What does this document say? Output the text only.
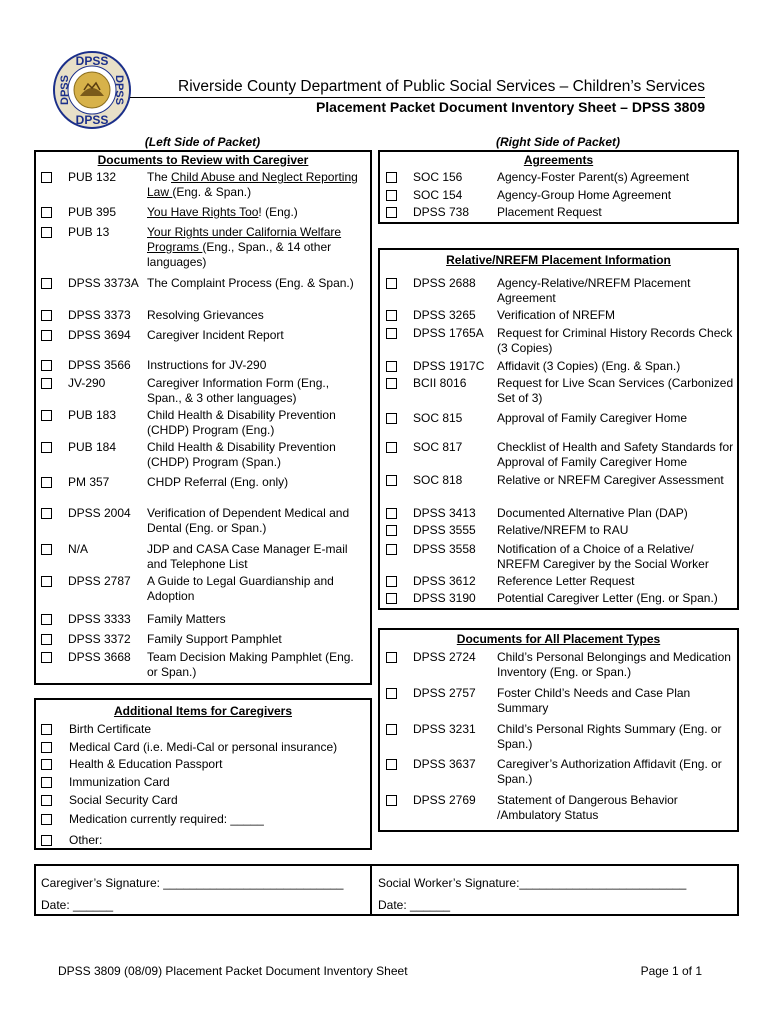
DPSS
DPSS
DPSS	DPSS	Riverside County Department of Public Social Services – Children’s Services
Placement Packet Document Inventory Sheet – DPSS 3809
(Left Side of Packet)	(Right Side of Packet)
Documents to Review with Caregiver
PUB 132	The Child Abuse and Neglect Reporting Law (Eng. & Span.)
PUB 395	You Have Rights Too! (Eng.)
PUB 13	Your Rights under California Welfare Programs (Eng., Span., & 14 other languages)
DPSS 3373A The Complaint Process (Eng. & Span.)
DPSS 3373 Resolving Grievances
DPSS 3694 Caregiver Incident Report
DPSS 3566 Instructions for JV-290
JV-290	Caregiver Information Form (Eng., Span., & 3 other languages)
PUB 183	Child Health & Disability Prevention (CHDP) Program (Eng.)
PUB 184	Child Health & Disability Prevention (CHDP) Program (Span.)
PM 357	CHDP Referral (Eng. only)
DPSS 2004 Verification of Dependent Medical and Dental (Eng. or Span.)
N/A	JDP and CASA Case Manager E-mail and Telephone List
DPSS 2787 A Guide to Legal Guardianship and Adoption
DPSS 3333 Family Matters
DPSS 3372 Family Support Pamphlet
DPSS 3668 Team Decision Making Pamphlet (Eng. or Span.)
Additional Items for Caregivers
Birth Certificate
Medical Card (i.e. Medi-Cal or personal insurance)
Health & Education Passport
Immunization Card
Social Security Card
Medication currently required: _____
Other:
Agreements
SOC 156	Agency-Foster Parent(s) Agreement
SOC 154	Agency-Group Home Agreement
DPSS 738 Placement Request
Relative/NREFM Placement Information
DPSS 2688 Agency-Relative/NREFM Placement Agreement
DPSS 3265 Verification of NREFM
DPSS 1765A Request for Criminal History Records Check (3 Copies)
DPSS 1917C Affidavit (3 Copies) (Eng. & Span.)
BCII 8016	Request for Live Scan Services (Carbonized Set of 3)
SOC 815	Approval of Family Caregiver Home
SOC 817	Checklist of Health and Safety Standards for Approval of Family Caregiver Home
SOC 818	Relative or NREFM Caregiver Assessment
DPSS 3413 Documented Alternative Plan (DAP)
DPSS 3555 Relative/NREFM to RAU
DPSS 3558 Notification of a Choice of a Relative/ NREFM Caregiver by the Social Worker
DPSS 3612 Reference Letter Request
DPSS 3190 Potential Caregiver Letter (Eng. or Span.)
Documents for All Placement Types
DPSS 2724 Child’s Personal Belongings and Medication Inventory (Eng. or Span.)
DPSS 2757 Foster Child’s Needs and Case Plan Summary
DPSS 3231 Child’s Personal Rights Summary (Eng. or Span.)
DPSS 3637 Caregiver’s Authorization Affidavit (Eng. or Span.)
DPSS 2769 Statement of Dangerous Behavior /Ambulatory Status
Caregiver’s Signature: ___________________________
Date: ______
Social Worker’s Signature:_________________________
Date: ______
DPSS 3809 (08/09) Placement Packet Document Inventory Sheet	Page 1 of 1
